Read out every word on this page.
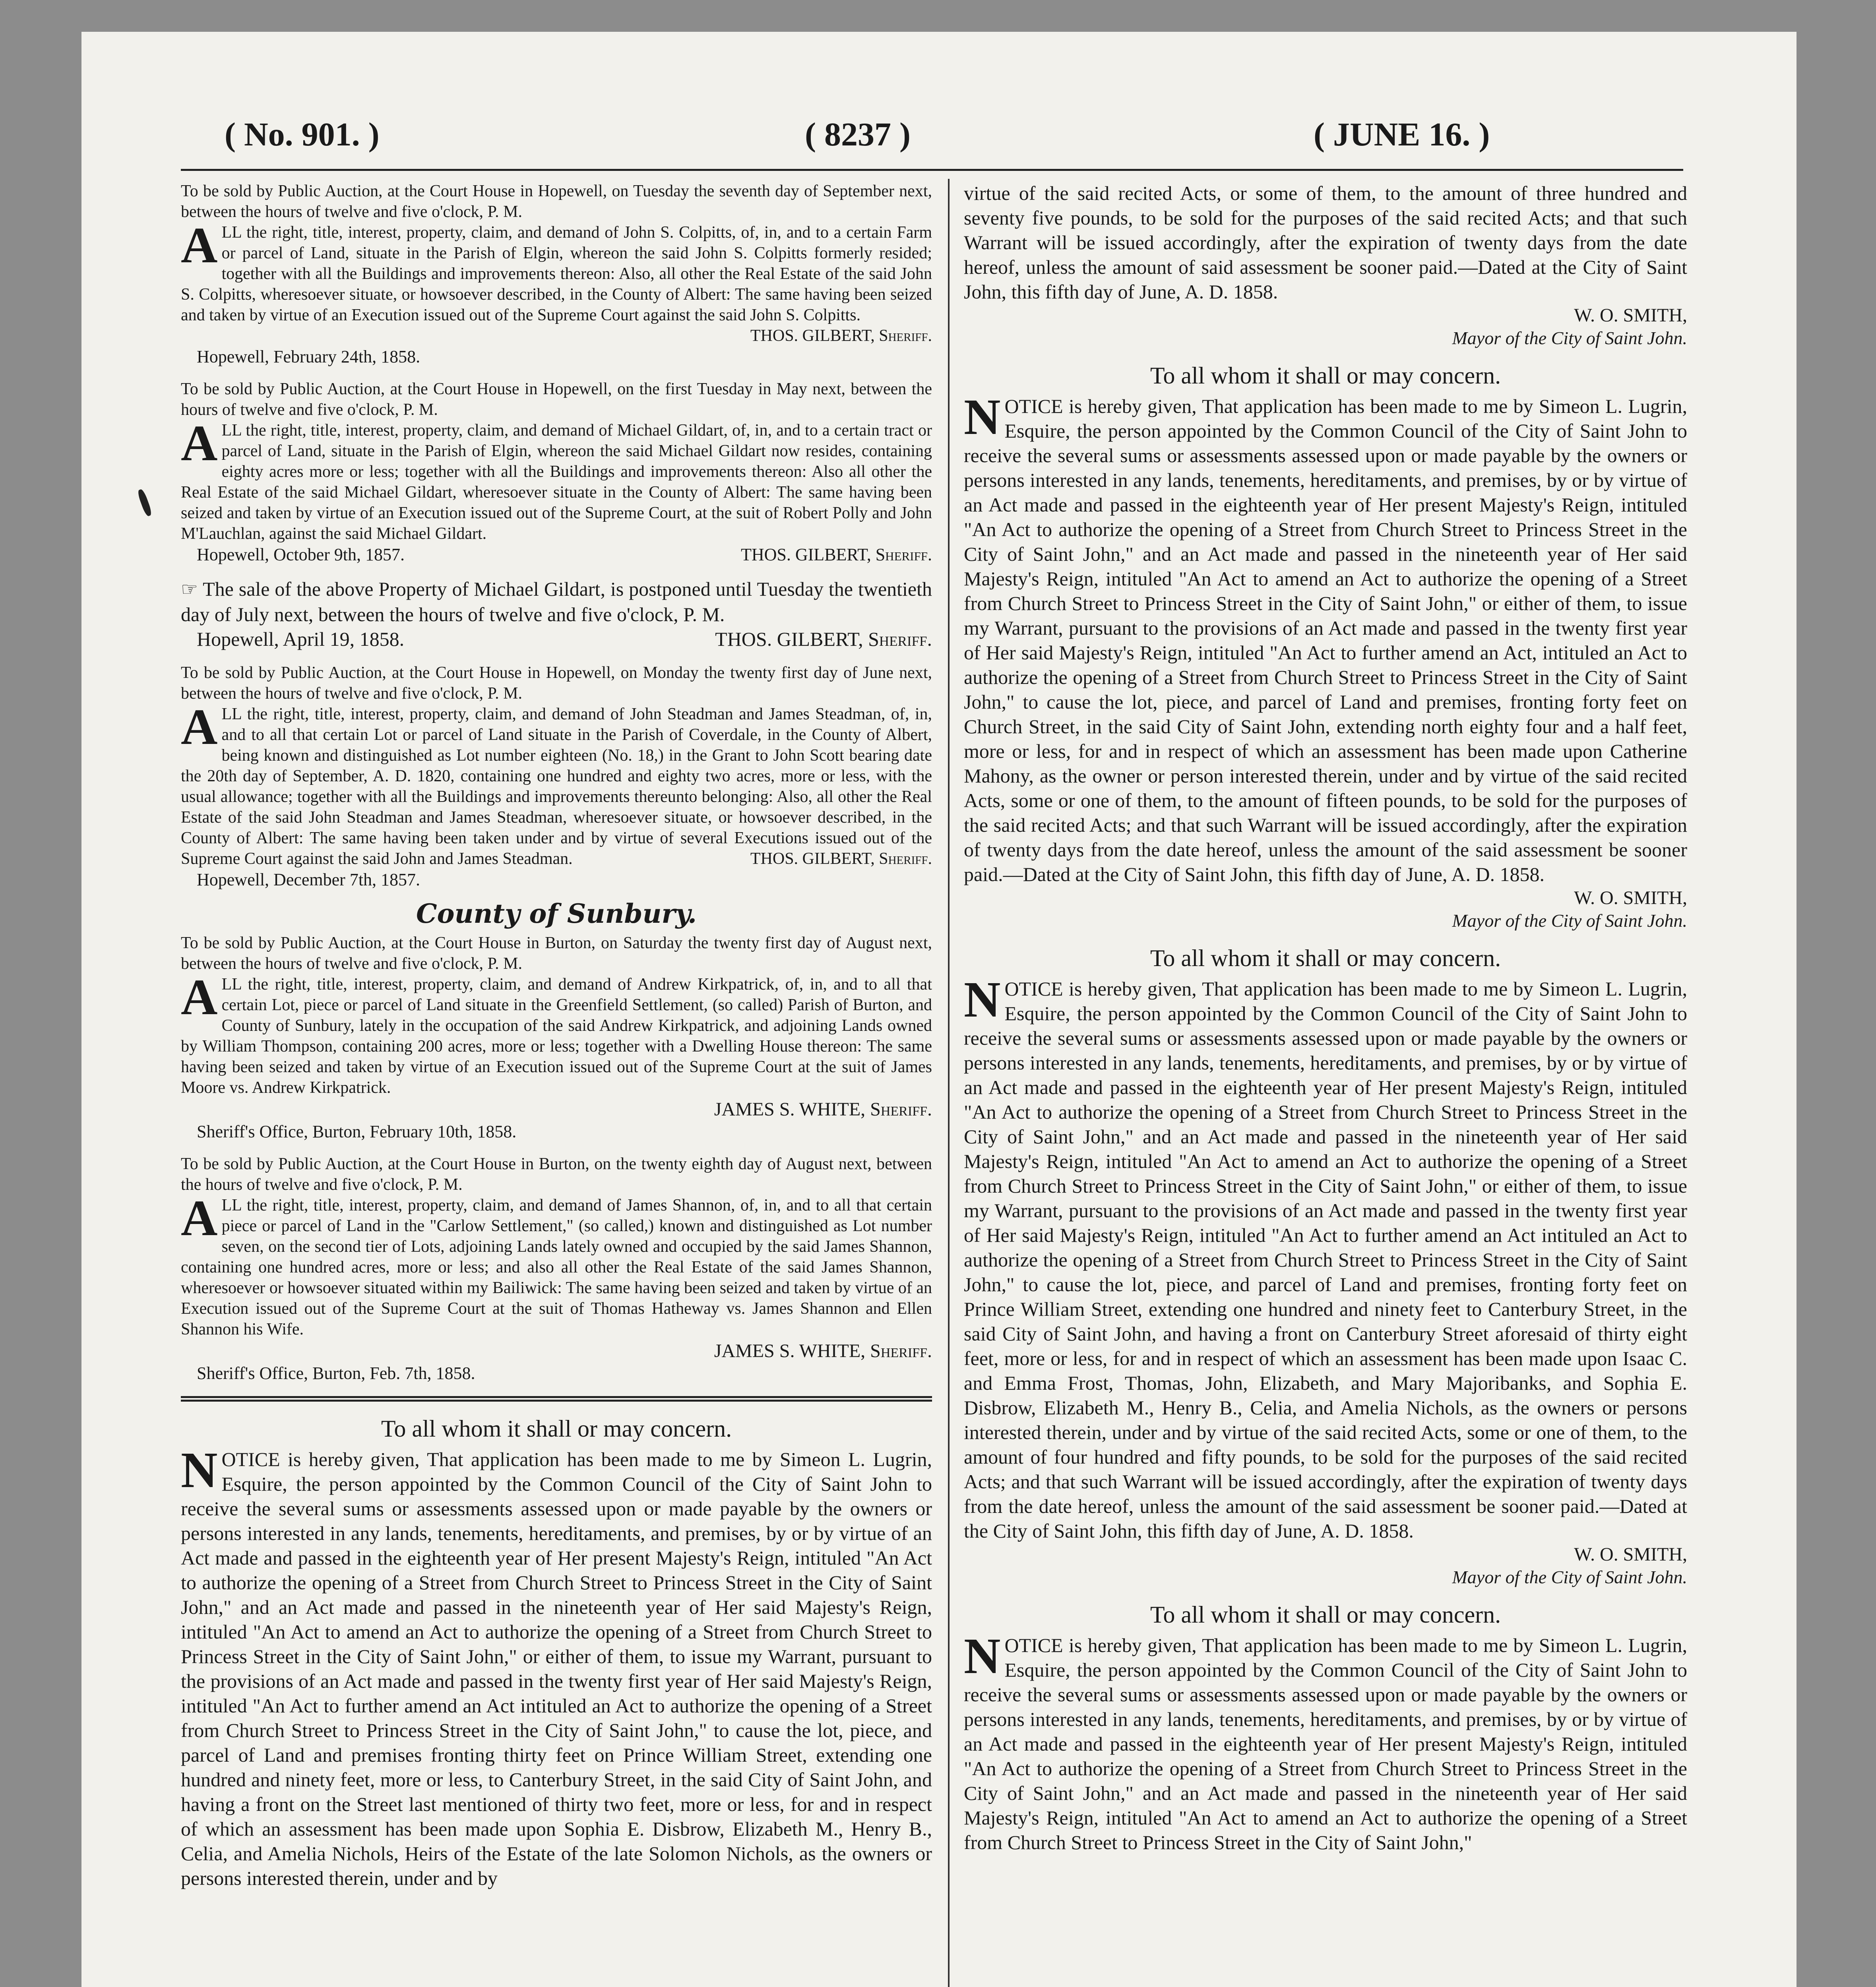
( No. 901. )	( 8237 )	( JUNE 16. )

To be sold by Public Auction, at the Court House in Hopewell, on Tuesday the seventh day of September next, between the hours of twelve and five o'clock, P. M.

ALL the right, title, interest, property, claim, and demand of John S. Colpitts, of, in, and to a certain Farm or parcel of Land, situate in the Parish of Elgin, whereon the said John S. Colpitts formerly resided; together with all the Buildings and improvements thereon: Also, all other the Real Estate of the said John S. Colpitts, wheresoever situate, or howsoever described, in the County of Albert: The same having been seized and taken by virtue of an Execution issued out of the Supreme Court against the said John S. Colpitts.
THOS. GILBERT, Sheriff.

Hopewell, February 24th, 1858.

To be sold by Public Auction, at the Court House in Hopewell, on the first Tuesday in May next, between the hours of twelve and five o'clock, P. M.

ALL the right, title, interest, property, claim, and demand of Michael Gildart, of, in, and to a certain tract or parcel of Land, situate in the Parish of Elgin, whereon the said Michael Gildart now resides, containing eighty acres more or less; together with all the Buildings and improvements thereon: Also all other the Real Estate of the said Michael Gildart, wheresoever situate in the County of Albert: The same having been seized and taken by virtue of an Execution issued out of the Supreme Court, at the suit of Robert Polly and John M'Lauchlan, against the said Michael Gildart.

Hopewell, October 9th, 1857.	THOS. GILBERT, Sheriff.

☞ The sale of the above Property of Michael Gildart, is postponed until Tuesday the twentieth day of July next, between the hours of twelve and five o'clock, P. M.

Hopewell, April 19, 1858.	THOS. GILBERT, Sheriff.

To be sold by Public Auction, at the Court House in Hopewell, on Monday the twenty first day of June next, between the hours of twelve and five o'clock, P. M.

ALL the right, title, interest, property, claim, and demand of John Steadman and James Steadman, of, in, and to all that certain Lot or parcel of Land situate in the Parish of Coverdale, in the County of Albert, being known and distinguished as Lot number eighteen (No. 18,) in the Grant to John Scott bearing date the 20th day of September, A. D. 1820, containing one hundred and eighty two acres, more or less, with the usual allowance; together with all the Buildings and improvements thereunto belonging: Also, all other the Real Estate of the said John Steadman and James Steadman, wheresoever situate, or howsoever described, in the County of Albert: The same having been taken under and by virtue of several Executions issued out of the Supreme Court against the said John and James Steadman.	THOS. GILBERT, Sheriff.

Hopewell, December 7th, 1857.

County of Sunbury.

To be sold by Public Auction, at the Court House in Burton, on Saturday the twenty first day of August next, between the hours of twelve and five o'clock, P. M.

ALL the right, title, interest, property, claim, and demand of Andrew Kirkpatrick, of, in, and to all that certain Lot, piece or parcel of Land situate in the Greenfield Settlement, (so called) Parish of Burton, and County of Sunbury, lately in the occupation of the said Andrew Kirkpatrick, and adjoining Lands owned by William Thompson, containing 200 acres, more or less; together with a Dwelling House thereon: The same having been seized and taken by virtue of an Execution issued out of the Supreme Court at the suit of James Moore vs. Andrew Kirkpatrick.

JAMES S. WHITE, Sheriff.

Sheriff's Office, Burton, February 10th, 1858.

To be sold by Public Auction, at the Court House in Burton, on the twenty eighth day of August next, between the hours of twelve and five o'clock, P. M.

ALL the right, title, interest, property, claim, and demand of James Shannon, of, in, and to all that certain piece or parcel of Land in the "Carlow Settlement," (so called,) known and distinguished as Lot number seven, on the second tier of Lots, adjoining Lands lately owned and occupied by the said James Shannon, containing one hundred acres, more or less; and also all other the Real Estate of the said James Shannon, wheresoever or howsoever situated within my Bailiwick: The same having been seized and taken by virtue of an Execution issued out of the Supreme Court at the suit of Thomas Hatheway vs. James Shannon and Ellen Shannon his Wife.

JAMES S. WHITE, Sheriff.

Sheriff's Office, Burton, Feb. 7th, 1858.

To all whom it shall or may concern.

NOTICE is hereby given, That application has been made to me by Simeon L. Lugrin, Esquire, the person appointed by the Common Council of the City of Saint John to receive the several sums or assessments assessed upon or made payable by the owners or persons interested in any lands, tenements, hereditaments, and premises, by or by virtue of an Act made and passed in the eighteenth year of Her present Majesty's Reign, intituled "An Act to authorize the opening of a Street from Church Street to Princess Street in the City of Saint John," and an Act made and passed in the nineteenth year of Her said Majesty's Reign, intituled "An Act to amend an Act to authorize the opening of a Street from Church Street to Princess Street in the City of Saint John," or either of them, to issue my Warrant, pursuant to the provisions of an Act made and passed in the twenty first year of Her said Majesty's Reign, intituled "An Act to further amend an Act intituled an Act to authorize the opening of a Street from Church Street to Princess Street in the City of Saint John," to cause the lot, piece, and parcel of Land and premises fronting thirty feet on Prince William Street, extending one hundred and ninety feet, more or less, to Canterbury Street, in the said City of Saint John, and having a front on the Street last mentioned of thirty two feet, more or less, for and in respect of which an assessment has been made upon Sophia E. Disbrow, Elizabeth M., Henry B., Celia, and Amelia Nichols, Heirs of the Estate of the late Solomon Nichols, as the owners or persons interested therein, under and by

virtue of the said recited Acts, or some of them, to the amount of three hundred and seventy five pounds, to be sold for the purposes of the said recited Acts; and that such Warrant will be issued accordingly, after the expiration of twenty days from the date hereof, unless the amount of said assessment be sooner paid.—Dated at the City of Saint John, this fifth day of June, A. D. 1858.

W. O. SMITH,

Mayor of the City of Saint John.

To all whom it shall or may concern.

NOTICE is hereby given, That application has been made to me by Simeon L. Lugrin, Esquire, the person appointed by the Common Council of the City of Saint John to receive the several sums or assessments assessed upon or made payable by the owners or persons interested in any lands, tenements, hereditaments, and premises, by or by virtue of an Act made and passed in the eighteenth year of Her present Majesty's Reign, intituled "An Act to authorize the opening of a Street from Church Street to Princess Street in the City of Saint John," and an Act made and passed in the nineteenth year of Her said Majesty's Reign, intituled "An Act to amend an Act to authorize the opening of a Street from Church Street to Princess Street in the City of Saint John," or either of them, to issue my Warrant, pursuant to the provisions of an Act made and passed in the twenty first year of Her said Majesty's Reign, intituled "An Act to further amend an Act, intituled an Act to authorize the opening of a Street from Church Street to Princess Street in the City of Saint John," to cause the lot, piece, and parcel of Land and premises, fronting forty feet on Church Street, in the said City of Saint John, extending north eighty four and a half feet, more or less, for and in respect of which an assessment has been made upon Catherine Mahony, as the owner or person interested therein, under and by virtue of the said recited Acts, some or one of them, to the amount of fifteen pounds, to be sold for the purposes of the said recited Acts; and that such Warrant will be issued accordingly, after the expiration of twenty days from the date hereof, unless the amount of the said assessment be sooner paid.—Dated at the City of Saint John, this fifth day of June, A. D. 1858.

W. O. SMITH,

Mayor of the City of Saint John.

To all whom it shall or may concern.

NOTICE is hereby given, That application has been made to me by Simeon L. Lugrin, Esquire, the person appointed by the Common Council of the City of Saint John to receive the several sums or assessments assessed upon or made payable by the owners or persons interested in any lands, tenements, hereditaments, and premises, by or by virtue of an Act made and passed in the eighteenth year of Her present Majesty's Reign, intituled "An Act to authorize the opening of a Street from Church Street to Princess Street in the City of Saint John," and an Act made and passed in the nineteenth year of Her said Majesty's Reign, intituled "An Act to amend an Act to authorize the opening of a Street from Church Street to Princess Street in the City of Saint John," or either of them, to issue my Warrant, pursuant to the provisions of an Act made and passed in the twenty first year of Her said Majesty's Reign, intituled "An Act to further amend an Act intituled an Act to authorize the opening of a Street from Church Street to Princess Street in the City of Saint John," to cause the lot, piece, and parcel of Land and premises, fronting forty feet on Prince William Street, extending one hundred and ninety feet to Canterbury Street, in the said City of Saint John, and having a front on Canterbury Street aforesaid of thirty eight feet, more or less, for and in respect of which an assessment has been made upon Isaac C. and Emma Frost, Thomas, John, Elizabeth, and Mary Majoribanks, and Sophia E. Disbrow, Elizabeth M., Henry B., Celia, and Amelia Nichols, as the owners or persons interested therein, under and by virtue of the said recited Acts, some or one of them, to the amount of four hundred and fifty pounds, to be sold for the purposes of the said recited Acts; and that such Warrant will be issued accordingly, after the expiration of twenty days from the date hereof, unless the amount of the said assessment be sooner paid.—Dated at the City of Saint John, this fifth day of June, A. D. 1858.

W. O. SMITH,

Mayor of the City of Saint John.

To all whom it shall or may concern.

NOTICE is hereby given, That application has been made to me by Simeon L. Lugrin, Esquire, the person appointed by the Common Council of the City of Saint John to receive the several sums or assessments assessed upon or made payable by the owners or persons interested in any lands, tenements, hereditaments, and premises, by or by virtue of an Act made and passed in the eighteenth year of Her present Majesty's Reign, intituled "An Act to authorize the opening of a Street from Church Street to Princess Street in the City of Saint John," and an Act made and passed in the nineteenth year of Her said Majesty's Reign, intituled "An Act to amend an Act to authorize the opening of a Street from Church Street to Princess Street in the City of Saint John,"
